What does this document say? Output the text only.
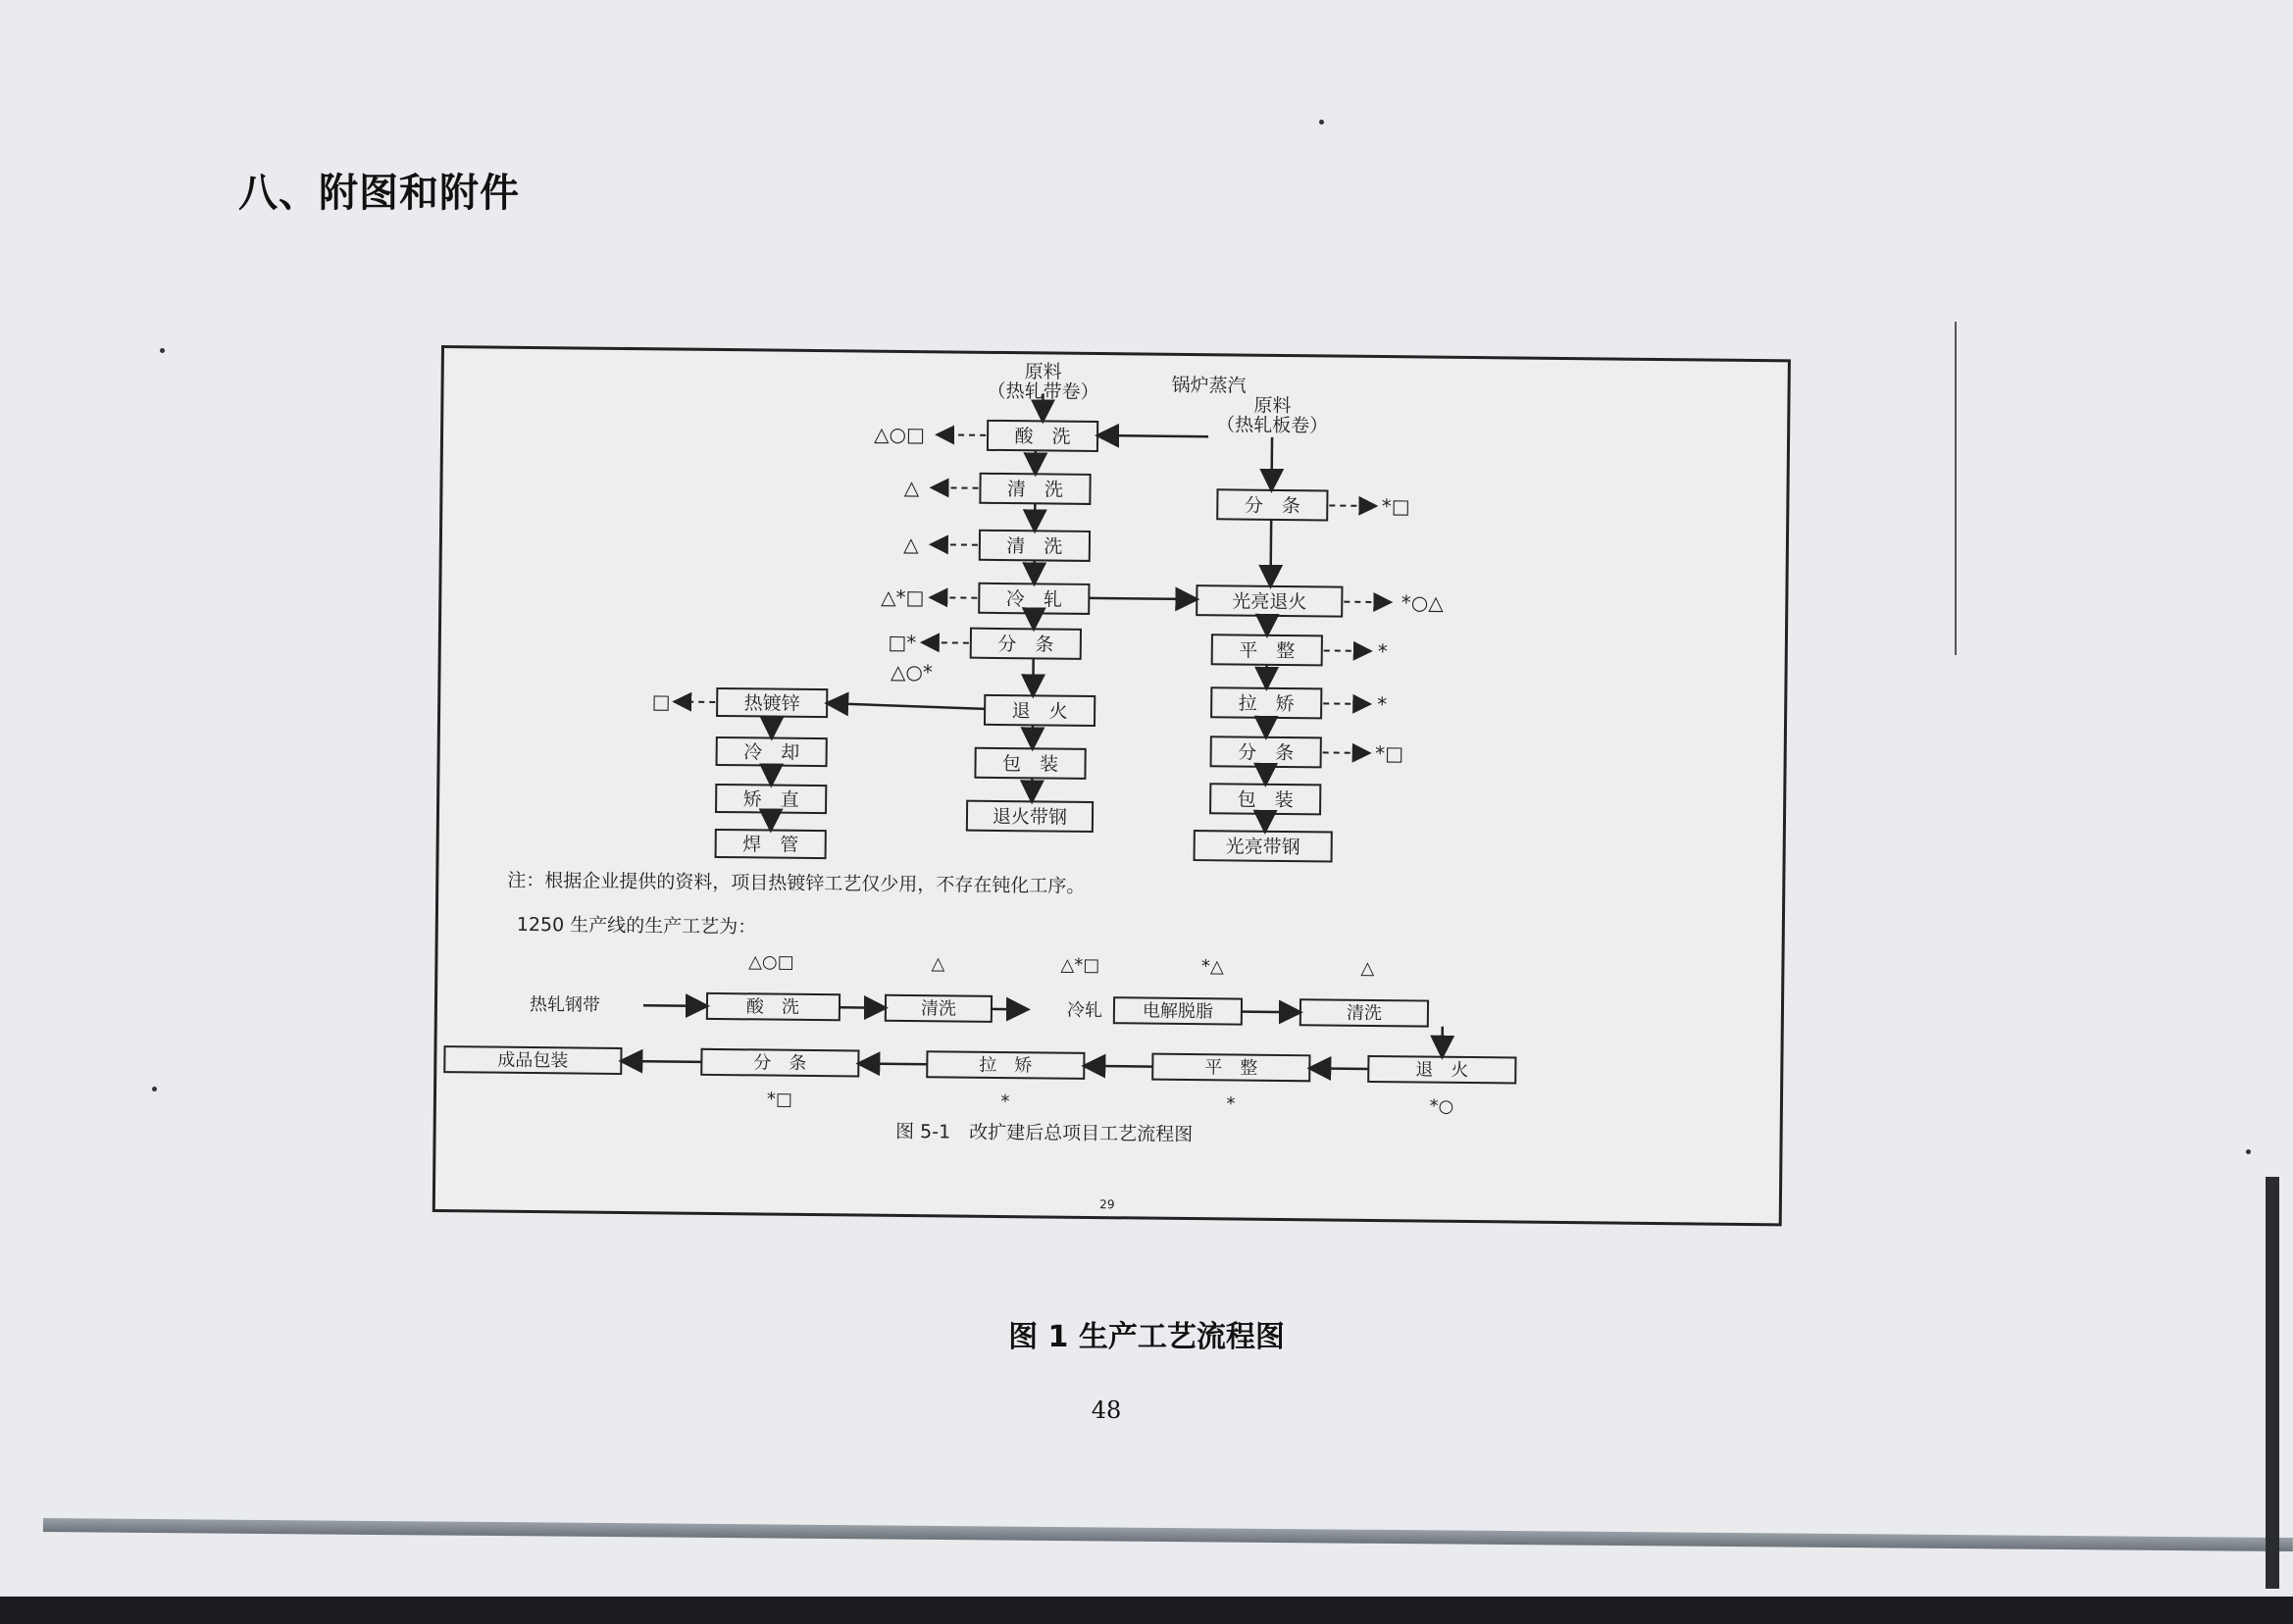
八、附图和附件
原料
（热轧带卷）	锅炉蒸汽
原料
（热轧板卷）
酸　洗
清　洗
清　洗
冷　轧
分　条
退　火
包　装
退火带钢
热镀锌
冷　却
矫　直
焊　管
分　条
光亮退火
平　整
拉　矫
分　条
包　装
光亮带钢
△○□
△
△
△*□
□*
△○*
□
*□
*○△
*
*
*□
注：根据企业提供的资料，项目热镀锌工艺仅少用，不存在钝化工序。
1250 生产线的生产工艺为：
热轧钢带	酸　洗	清洗	冷轧 电解脱脂	清洗
退　火
平　整
拉　矫
分　条
成品包装
△○□	△	△*□	*△	△
*□	*	*	*○
图 5-1　改扩建后总项目工艺流程图
29
图 1 生产工艺流程图
48
